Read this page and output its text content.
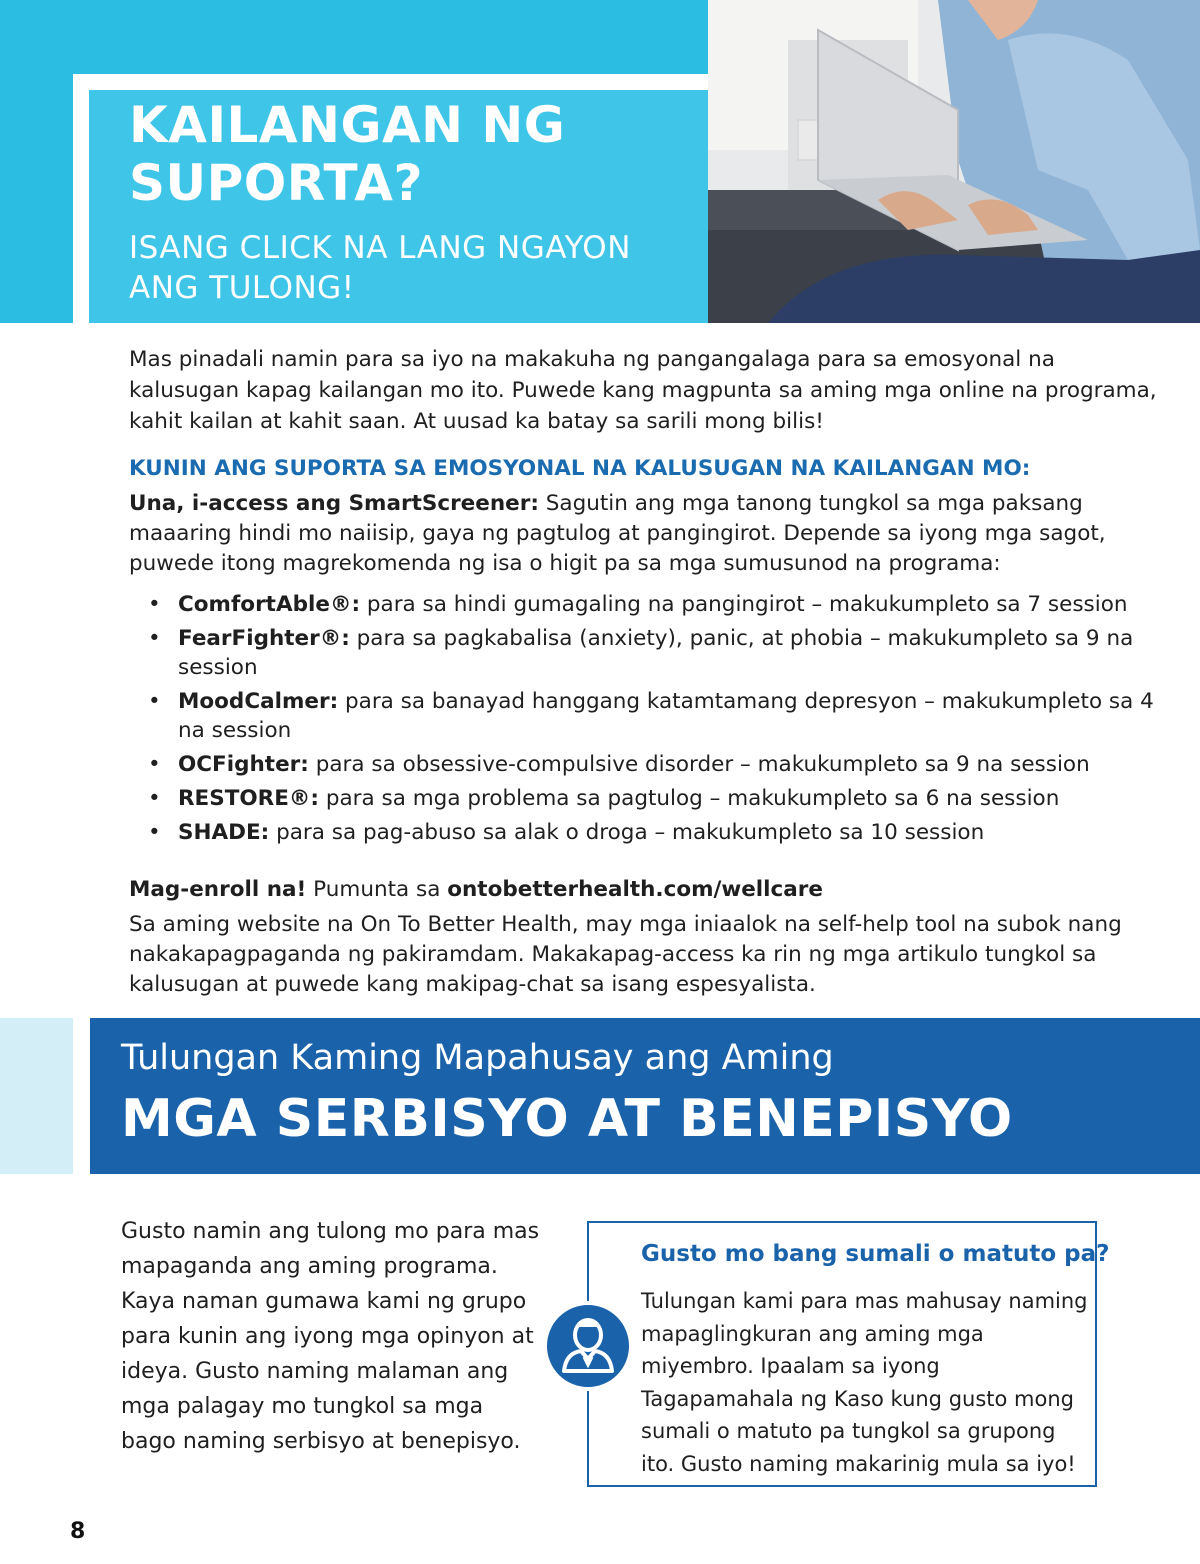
KAILANGAN NG SUPORTA?
ISANG CLICK NA LANG NGAYON ANG TULONG!
Mas pinadali namin para sa iyo na makakuha ng pangangalaga para sa emosyonal na kalusugan kapag kailangan mo ito. Puwede kang magpunta sa aming mga online na programa, kahit kailan at kahit saan. At uusad ka batay sa sarili mong bilis!
KUNIN ANG SUPORTA SA EMOSYONAL NA KALUSUGAN NA KAILANGAN MO:
Una, i-access ang SmartScreener: Sagutin ang mga tanong tungkol sa mga paksang maaaring hindi mo naiisip, gaya ng pagtulog at pangingirot. Depende sa iyong mga sagot, puwede itong magrekomenda ng isa o higit pa sa mga sumusunod na programa:
• ComfortAble®: para sa hindi gumagaling na pangingirot – makukumpleto sa 7 session
• FearFighter®: para sa pagkabalisa (anxiety), panic, at phobia – makukumpleto sa 9 na session
• MoodCalmer: para sa banayad hanggang katamtamang depresyon – makukumpleto sa 4 na session
• OCFighter: para sa obsessive-compulsive disorder – makukumpleto sa 9 na session
• RESTORE®: para sa mga problema sa pagtulog – makukumpleto sa 6 na session
• SHADE: para sa pag-abuso sa alak o droga – makukumpleto sa 10 session
Mag-enroll na! Pumunta sa ontobetterhealth.com/wellcare
Sa aming website na On To Better Health, may mga iniaalok na self-help tool na subok nang nakakapagpaganda ng pakiramdam. Makakapag-access ka rin ng mga artikulo tungkol sa kalusugan at puwede kang makipag-chat sa isang espesyalista.
Tulungan Kaming Mapahusay ang Aming
MGA SERBISYO AT BENEPISYO
Gusto namin ang tulong mo para mas mapaganda ang aming programa. Kaya naman gumawa kami ng grupo para kunin ang iyong mga opinyon at ideya. Gusto naming malaman ang mga palagay mo tungkol sa mga bago naming serbisyo at benepisyo.
Gusto mo bang sumali o matuto pa?
Tulungan kami para mas mahusay naming mapaglingkuran ang aming mga miyembro. Ipaalam sa iyong Tagapamahala ng Kaso kung gusto mong sumali o matuto pa tungkol sa grupong ito. Gusto naming makarinig mula sa iyo!
8
